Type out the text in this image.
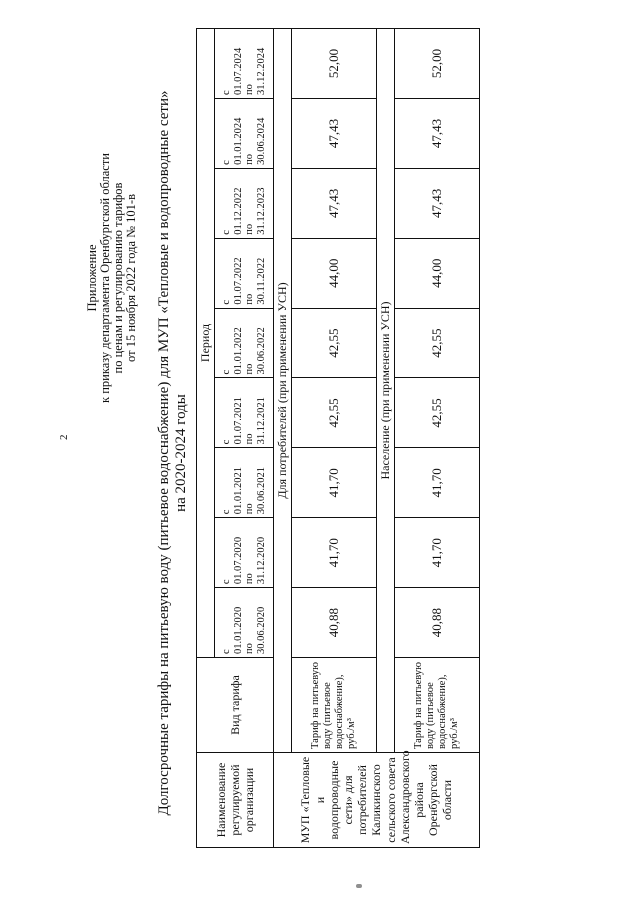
2
Приложение к приказу департамента Оренбургской области по ценам и регулированию тарифов от 15 ноября 2022 года № 101-в Долгосрочные тарифы на питьевую воду (питьевое водоснабжение) для МУП «Тепловые и водопроводные сети» на 2020-2024 годы
Наименование регулируемой организации	Вид тарифа	Период								

		с 01.01.2020 по 30.06.2020	с 01.07.2020 по 31.12.2020	с 01.01.2021 по 30.06.2021	с 01.07.2021 по 31.12.2021	с 01.01.2022 по 30.06.2022	с 01.07.2022 по 30.11.2022	с 01.12.2022 по 31.12.2023	с 01.01.2024 по 30.06.2024	с 01.07.2024 по 31.12.2024

МУП «Тепловые и водопроводные сети» для потребителей Каликинского сельского совета Александровского района Оренбургской области	Для потребителей (при применении УСН)									
	Тариф на питьевую воду (питьевое водоснабжение), руб./м³	40,88	41,70	41,70	42,55	42,55	44,00	47,43	47,43	52,00
	Население (при применении УСН)									
	Тариф на питьевую воду (питьевое водоснабжение), руб./м³	40,88	41,70	41,70	42,55	42,55	44,00	47,43	47,43	52,00
